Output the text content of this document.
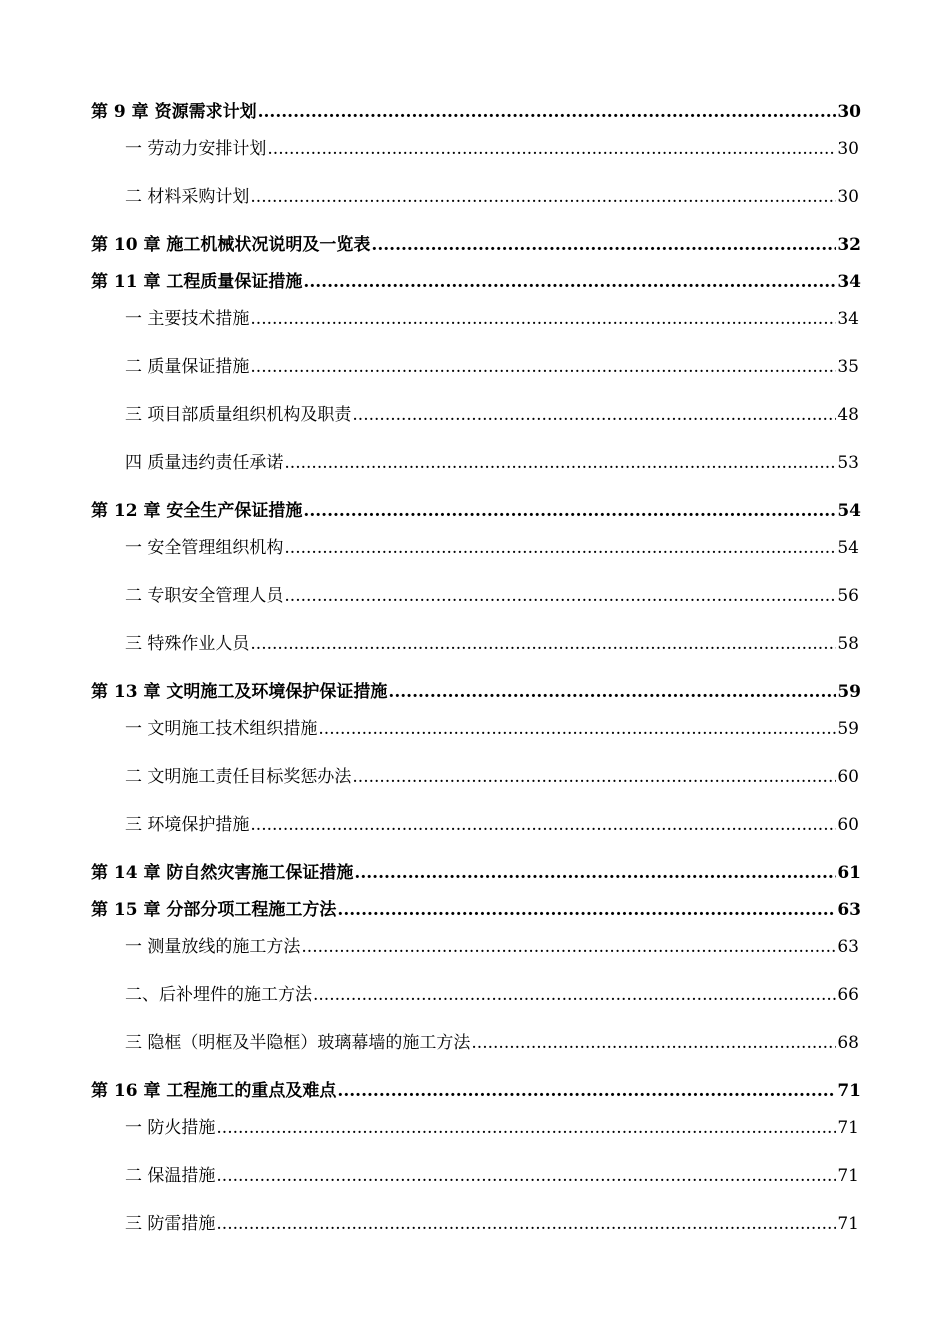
第 9 章 资源需求计划 .....	30
一 劳动力安排计划 .....	30
二 材料采购计划 .....	30
第 10 章 施工机械状况说明及一览表 .....	32
第 11 章 工程质量保证措施 .....	34
一 主要技术措施 .....	34
二 质量保证措施 .....	35
三 项目部质量组织机构及职责 .....	48
四 质量违约责任承诺 .....	53
第 12 章 安全生产保证措施 .....	54
一 安全管理组织机构 .....	54
二 专职安全管理人员 .....	56
三 特殊作业人员 .....	58
第 13 章 文明施工及环境保护保证措施 .....	59
一 文明施工技术组织措施 .....	59
二 文明施工责任目标奖惩办法 .....	60
三 环境保护措施 .....	60
第 14 章 防自然灾害施工保证措施 .....	61
第 15 章 分部分项工程施工方法 .....	63
一 测量放线的施工方法 .....	63
二、后补埋件的施工方法 .....	66
三 隐框（明框及半隐框）玻璃幕墙的施工方法 .....	68
第 16 章 工程施工的重点及难点 .....	71
一 防火措施 .....	71
二 保温措施 .....	71
三 防雷措施 .....	71
